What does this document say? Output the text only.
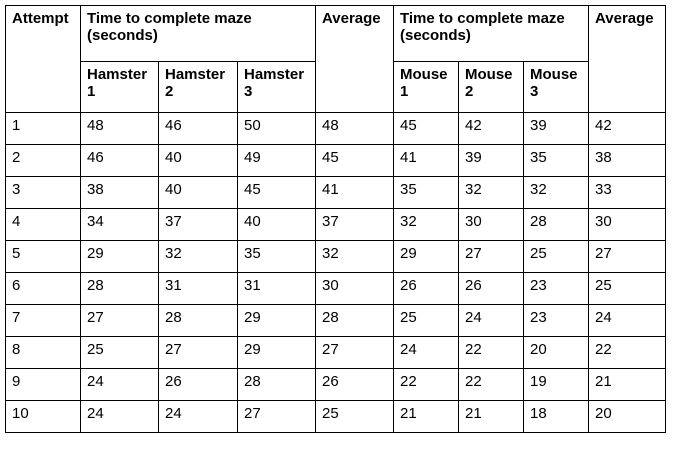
Attempt	Time to complete maze (seconds)			Average	Time to complete maze (seconds)			Average
	Hamster 1	Hamster 2	Hamster 3		Mouse 1	Mouse 2	Mouse 3	
1	48	46	50	48	45	42	39	42
2	46	40	49	45	41	39	35	38
3	38	40	45	41	35	32	32	33
4	34	37	40	37	32	30	28	30
5	29	32	35	32	29	27	25	27
6	28	31	31	30	26	26	23	25
7	27	28	29	28	25	24	23	24
8	25	27	29	27	24	22	20	22
9	24	26	28	26	22	22	19	21
10	24	24	27	25	21	21	18	20
